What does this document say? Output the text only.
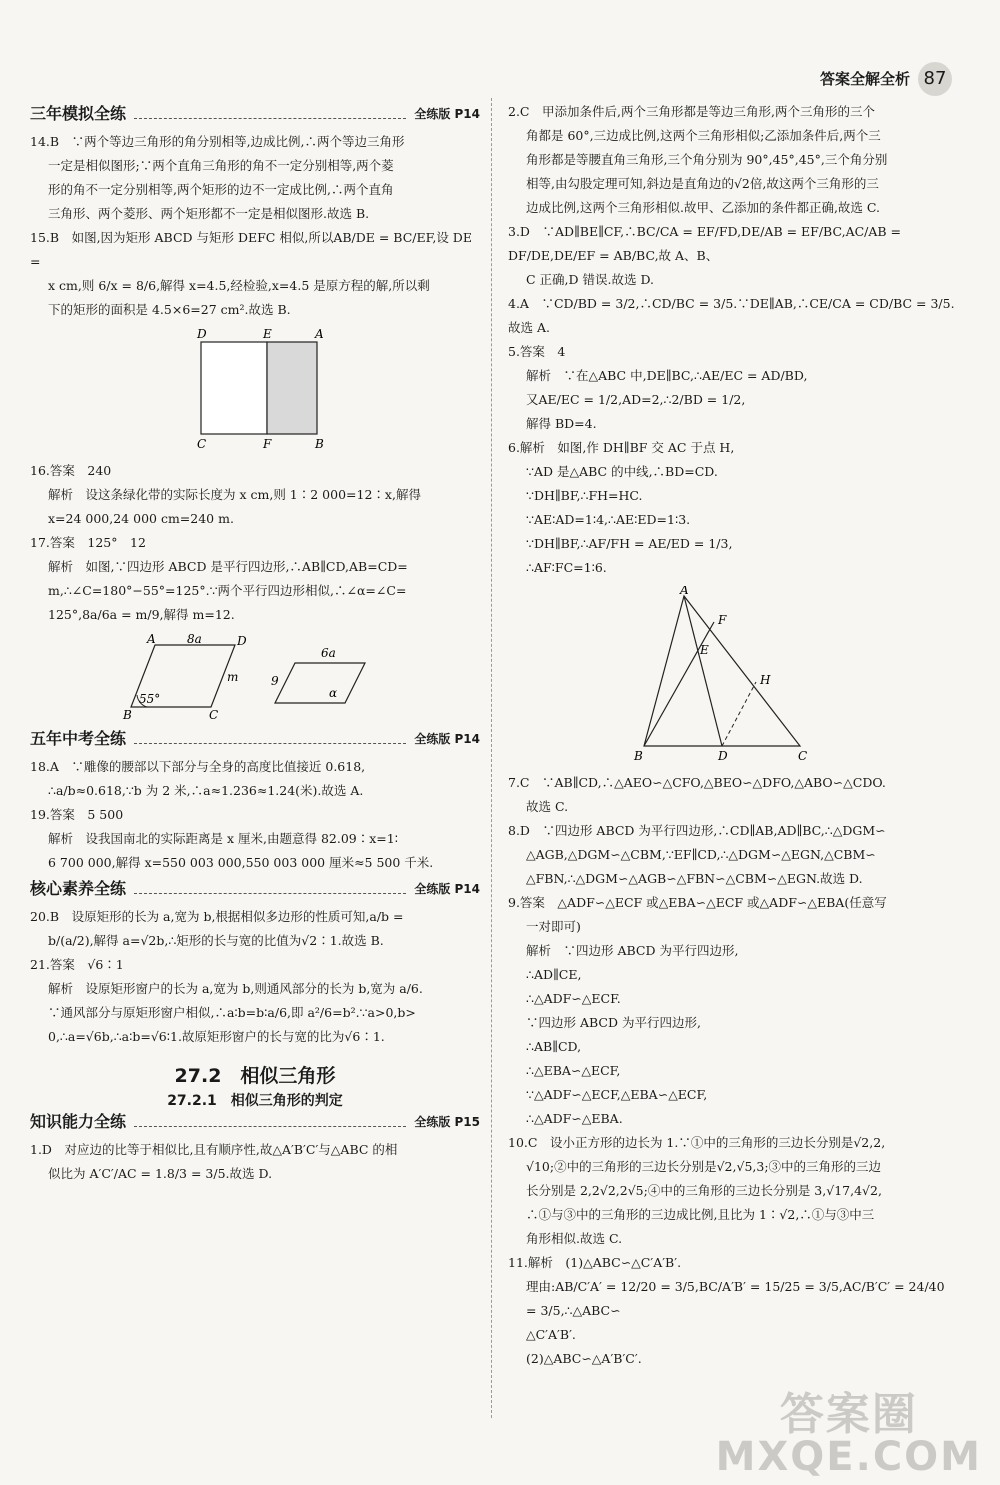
答案全解全析 87
三年模拟全练	全练版 P14

14.B　∵两个等边三角形的角分别相等,边成比例,∴两个等边三角形

一定是相似图形;∵两个直角三角形的角不一定分别相等,两个菱

形的角不一定分别相等,两个矩形的边不一定成比例,∴两个直角

三角形、两个菱形、两个矩形都不一定是相似图形.故选 B.

15.B　如图,因为矩形 ABCD 与矩形 DEFC 相似,所以AB/DE = BC/EF,设 DE =

x cm,则 6/x = 8/6,解得 x=4.5,经检验,x=4.5 是原方程的解,所以剩

下的矩形的面积是 4.5×6=27 cm².故选 B.

D	E	A
C	F	B

16.答案　240

解析　设这条绿化带的实际长度为 x cm,则 1∶2 000=12∶x,解得

x=24 000,24 000 cm=240 m.

17.答案　125°　12

解析　如图,∵四边形 ABCD 是平行四边形,∴AB∥CD,AB=CD=

m,∴∠C=180°−55°=125°.∵两个平行四边形相似,∴∠α=∠C=

125°,8a/6a = m/9,解得 m=12.

A	8a	D
m
55°
B	C
6a
9
α
五年中考全练	全练版 P14

18.A　∵雕像的腰部以下部分与全身的高度比值接近 0.618,

∴a/b≈0.618,∵b 为 2 米,∴a≈1.236≈1.24(米).故选 A.

19.答案　5 500

解析　设我国南北的实际距离是 x 厘米,由题意得 82.09∶x=1∶

6 700 000,解得 x=550 003 000,550 003 000 厘米≈5 500 千米.

核心素养全练	全练版 P14

20.B　设原矩形的长为 a,宽为 b,根据相似多边形的性质可知,a/b =

b/(a/2),解得 a=√2b,∴矩形的长与宽的比值为√2∶1.故选 B.

21.答案　√6∶1

解析　设原矩形窗户的长为 a,宽为 b,则通风部分的长为 b,宽为 a/6.

∵通风部分与原矩形窗户相似,∴a∶b=b∶a/6,即 a²/6=b².∵a>0,b>

0,∴a=√6b,∴a∶b=√6∶1.故原矩形窗户的长与宽的比为√6∶1.

27.2　相似三角形
27.2.1　相似三角形的判定
知识能力全练	全练版 P15

1.D　对应边的比等于相似比,且有顺序性,故△A′B′C′与△ABC 的相

似比为 A′C′/AC = 1.8/3 = 3/5.故选 D.

2.C　甲添加条件后,两个三角形都是等边三角形,两个三角形的三个

角都是 60°,三边成比例,这两个三角形相似;乙添加条件后,两个三

角形都是等腰直角三角形,三个角分别为 90°,45°,45°,三个角分别

相等,由勾股定理可知,斜边是直角边的√2倍,故这两个三角形的三

边成比例,这两个三角形相似.故甲、乙添加的条件都正确,故选 C.

3.D　∵AD∥BE∥CF,∴BC/CA = EF/FD,DE/AB = EF/BC,AC/AB = DF/DE,DE/EF = AB/BC,故 A、B、

C 正确,D 错误.故选 D.

4.A　∵CD/BD = 3/2,∴CD/BC = 3/5.∵DE∥AB,∴CE/CA = CD/BC = 3/5.故选 A.

5.答案　4

解析　∵在△ABC 中,DE∥BC,∴AE/EC = AD/BD,

又AE/EC = 1/2,AD=2,∴2/BD = 1/2,

解得 BD=4.

6.解析　如图,作 DH∥BF 交 AC 于点 H,

∵AD 是△ABC 的中线,∴BD=CD.

∵DH∥BF,∴FH=HC.

∵AE∶AD=1∶4,∴AE∶ED=1∶3.

∵DH∥BF,∴AF/FH = AE/ED = 1/3,

∴AF∶FC=1∶6.

A
F
E
H
B	D	C

7.C　∵AB∥CD,∴△AEO∽△CFO,△BEO∽△DFO,△ABO∽△CDO.

故选 C.

8.D　∵四边形 ABCD 为平行四边形,∴CD∥AB,AD∥BC,∴△DGM∽

△AGB,△DGM∽△CBM,∵EF∥CD,∴△DGM∽△EGN,△CBM∽

△FBN,∴△DGM∽△AGB∽△FBN∽△CBM∽△EGN.故选 D.

9.答案　△ADF∽△ECF 或△EBA∽△ECF 或△ADF∽△EBA(任意写

一对即可)

解析　∵四边形 ABCD 为平行四边形,

∴AD∥CE,

∴△ADF∽△ECF.

∵四边形 ABCD 为平行四边形,

∴AB∥CD,

∴△EBA∽△ECF,

∵△ADF∽△ECF,△EBA∽△ECF,

∴△ADF∽△EBA.

10.C　设小正方形的边长为 1.∵①中的三角形的三边长分别是√2,2,

√10;②中的三角形的三边长分别是√2,√5,3;③中的三角形的三边

长分别是 2,2√2,2√5;④中的三角形的三边长分别是 3,√17,4√2,

∴①与③中的三角形的三边成比例,且比为 1∶√2,∴①与③中三

角形相似.故选 C.

11.解析　(1)△ABC∽△C′A′B′.

理由:AB/C′A′ = 12/20 = 3/5,BC/A′B′ = 15/25 = 3/5,AC/B′C′ = 24/40 = 3/5,∴△ABC∽

△C′A′B′.

(2)△ABC∽△A′B′C′.

答案圈
MXQE.COM
